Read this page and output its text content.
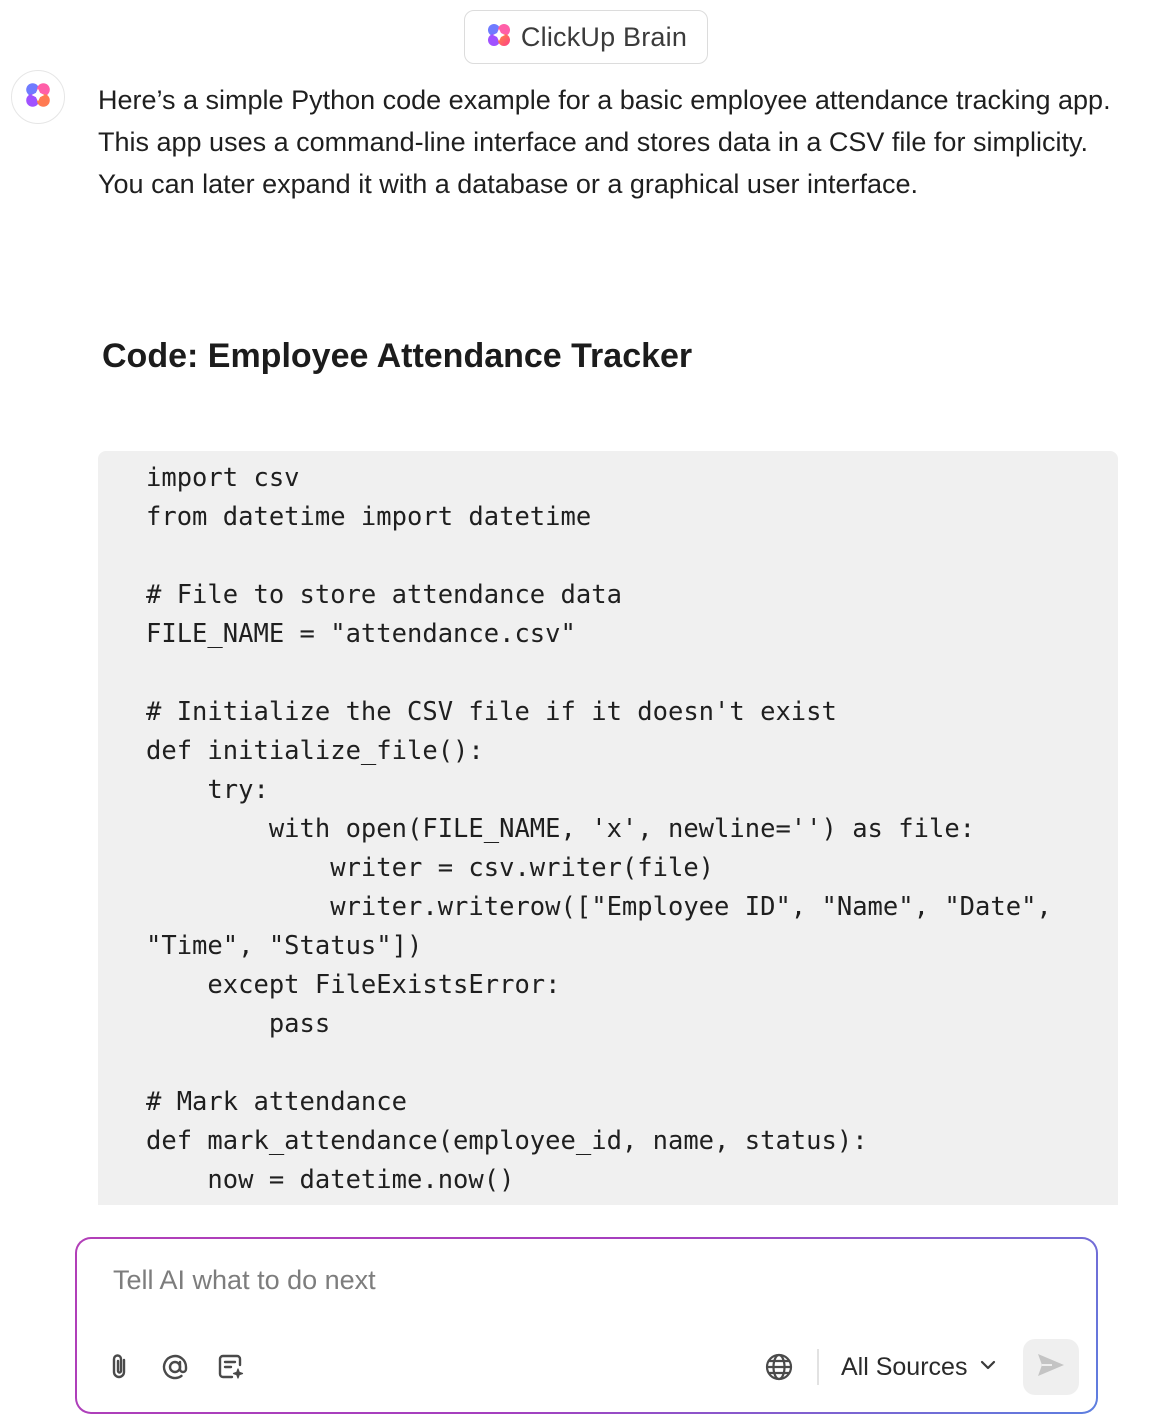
ClickUp Brain

Here’s a simple Python code example for a basic employee attendance tracking app. This app uses a command-line interface and stores data in a CSV file for simplicity. You can later expand it with a database or a graphical user interface.

Code: Employee Attendance Tracker
import csv
from datetime import datetime

# File to store attendance data
FILE_NAME = "attendance.csv"

# Initialize the CSV file if it doesn't exist
def initialize_file():
try:
with open(FILE_NAME, 'x', newline='') as file:
writer = csv.writer(file)
writer.writerow(["Employee ID", "Name", "Date",
"Time", "Status"])
except FileExistsError:
pass

# Mark attendance
def mark_attendance(employee_id, name, status):
now = datetime.now()
Tell AI what to do next
All Sources
